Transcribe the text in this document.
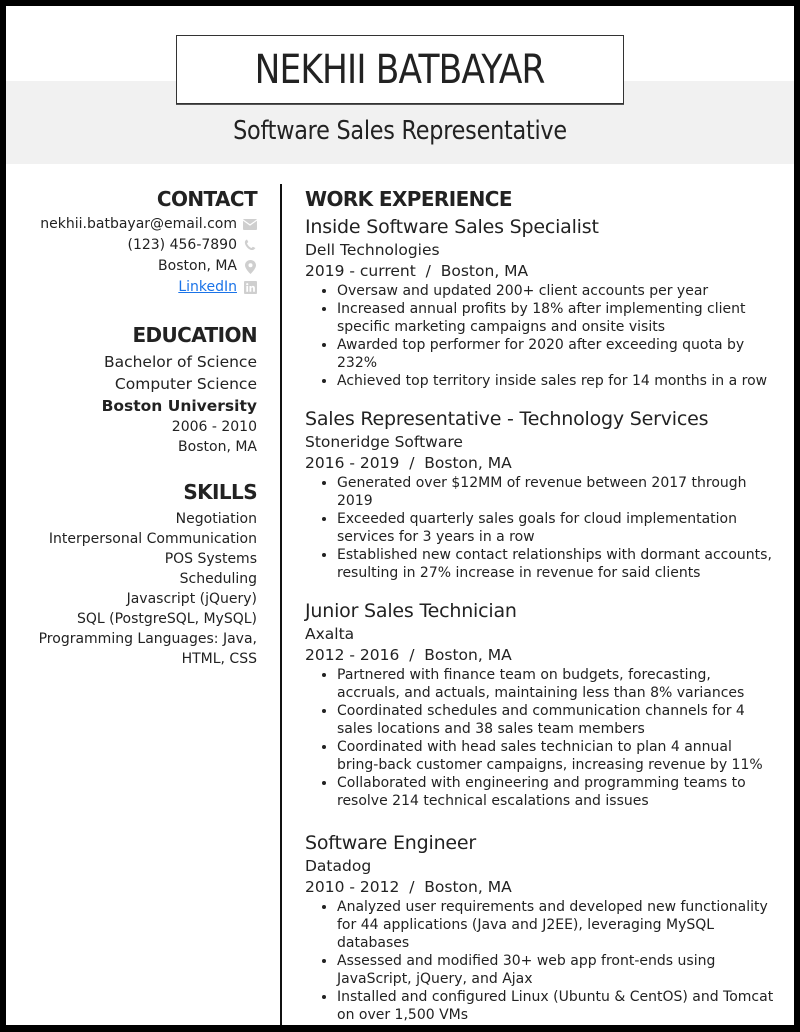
NEKHII BATBAYAR
Software Sales Representative
CONTACT
nekhii.batbayar@email.com
(123) 456-7890
Boston, MA
LinkedIn
EDUCATION
Bachelor of Science
Computer Science
Boston University
2006 - 2010
Boston, MA
SKILLS
Negotiation
Interpersonal Communication
POS Systems
Scheduling
Javascript (jQuery)
SQL (PostgreSQL, MySQL)
Programming Languages: Java,
HTML, CSS
WORK EXPERIENCE
Inside Software Sales Specialist
Dell Technologies
2019 - current  /  Boston, MA
• Oversaw and updated 200+ client accounts per year
• Increased annual profits by 18% after implementing client specific marketing campaigns and onsite visits
• Awarded top performer for 2020 after exceeding quota by 232%
• Achieved top territory inside sales rep for 14 months in a row
Sales Representative - Technology Services
Stoneridge Software
2016 - 2019  /  Boston, MA
• Generated over $12MM of revenue between 2017 through 2019
• Exceeded quarterly sales goals for cloud implementation services for 3 years in a row
• Established new contact relationships with dormant accounts, resulting in 27% increase in revenue for said clients
Junior Sales Technician
Axalta
2012 - 2016  /  Boston, MA
• Partnered with finance team on budgets, forecasting, accruals, and actuals, maintaining less than 8% variances
• Coordinated schedules and communication channels for 4 sales locations and 38 sales team members
• Coordinated with head sales technician to plan 4 annual bring-back customer campaigns, increasing revenue by 11%
• Collaborated with engineering and programming teams to resolve 214 technical escalations and issues
Software Engineer
Datadog
2010 - 2012  /  Boston, MA
• Analyzed user requirements and developed new functionality for 44 applications (Java and J2EE), leveraging MySQL databases
• Assessed and modified 30+ web app front-ends using JavaScript, jQuery, and Ajax
• Installed and configured Linux (Ubuntu & CentOS) and Tomcat on over 1,500 VMs
